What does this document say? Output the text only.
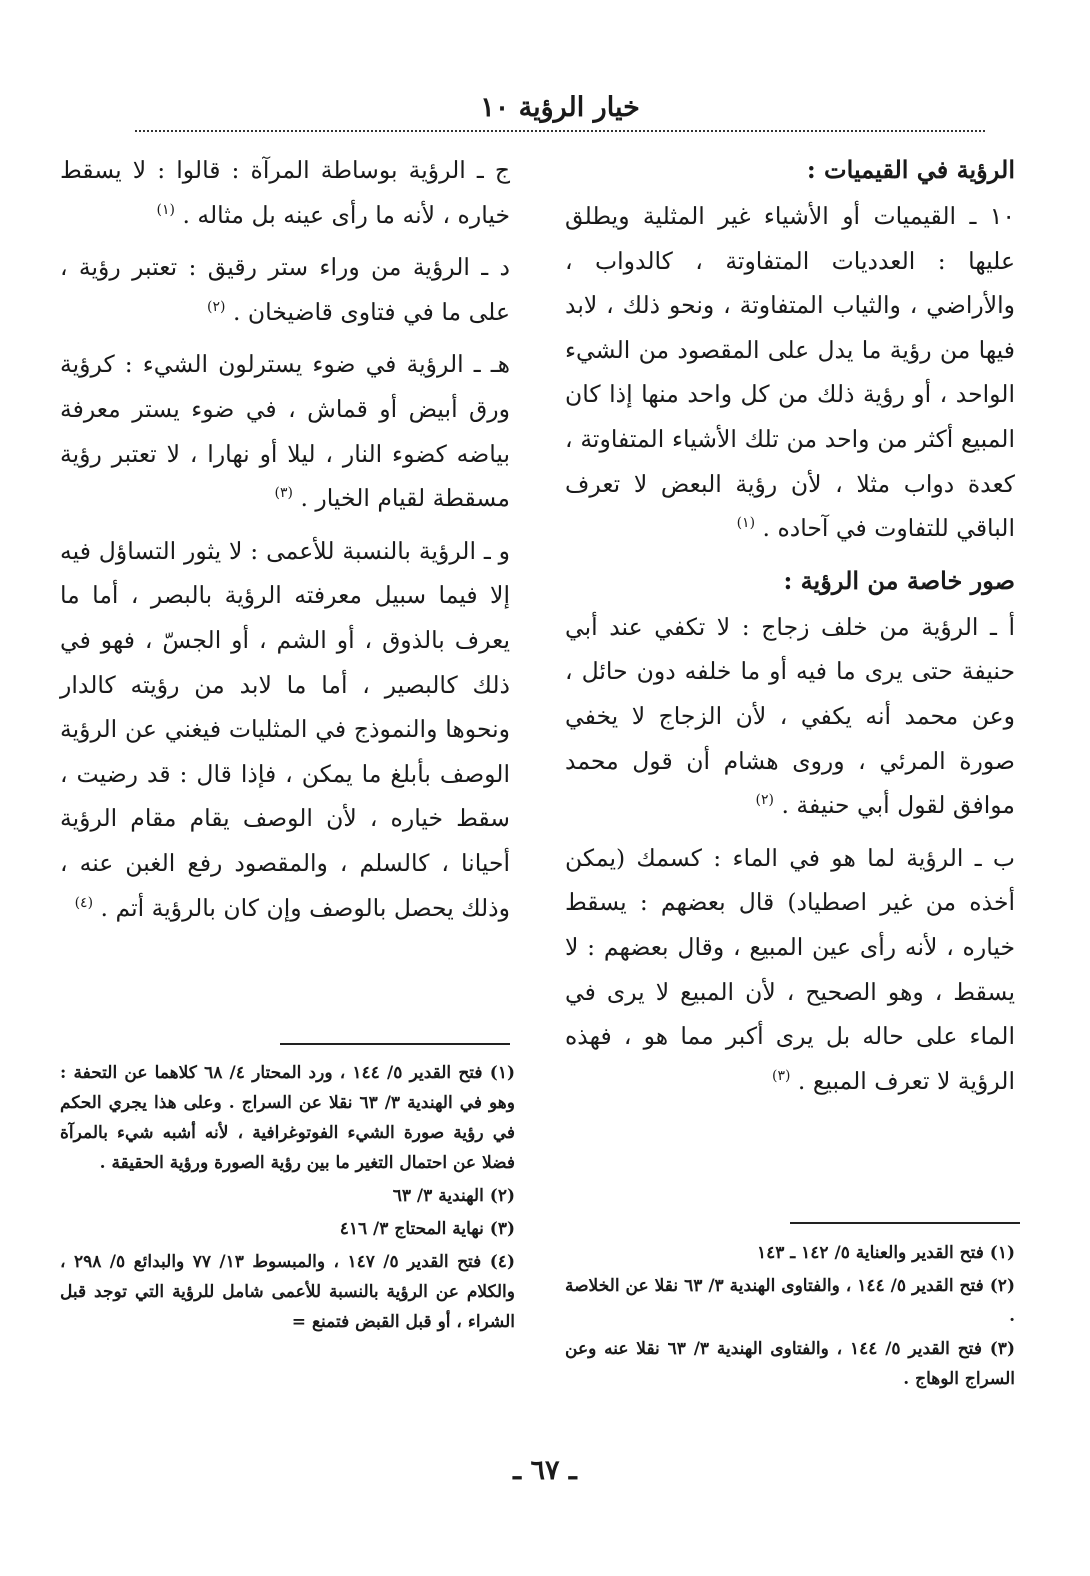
خيار الرؤية ١٠
الرؤية في القيميات :

١٠ ـ القيميات أو الأشياء غير المثلية ويطلق عليها : العدديات المتفاوتة ، كالدواب ، والأراضي ، والثياب المتفاوتة ، ونحو ذلك ، لابد فيها من رؤية ما يدل على المقصود من الشيء الواحد ، أو رؤية ذلك من كل واحد منها إذا كان المبيع أكثر من واحد من تلك الأشياء المتفاوتة ، كعدة دواب مثلا ، لأن رؤية البعض لا تعرف الباقي للتفاوت في آحاده . $^{(١)}$

صور خاصة من الرؤية :

أ ـ الرؤية من خلف زجاج : لا تكفي عند أبي حنيفة حتى يرى ما فيه أو ما خلفه دون حائل ، وعن محمد أنه يكفي ، لأن الزجاج لا يخفي صورة المرئي ، وروى هشام أن قول محمد موافق لقول أبي حنيفة . $^{(٢)}$

ب ـ الرؤية لما هو في الماء : كسمك (يمكن أخذه من غير اصطياد) قال بعضهم : يسقط خياره ، لأنه رأى عين المبيع ، وقال بعضهم : لا يسقط ، وهو الصحيح ، لأن المبيع لا يرى في الماء على حاله بل يرى أكبر مما هو ، فهذه الرؤية لا تعرف المبيع . $^{(٣)}$

ج ـ الرؤية بوساطة المرآة : قالوا : لا يسقط خياره ، لأنه ما رأى عينه بل مثاله . $^{(١)}$

د ـ الرؤية من وراء ستر رقيق : تعتبر رؤية ، على ما في فتاوى قاضيخان . $^{(٢)}$

هـ ـ الرؤية في ضوء يسترلون الشيء : كرؤية ورق أبيض أو قماش ، في ضوء يستر معرفة بياضه كضوء النار ، ليلا أو نهارا ، لا تعتبر رؤية مسقطة لقيام الخيار . $^{(٣)}$

و ـ الرؤية بالنسبة للأعمى : لا يثور التساؤل فيه إلا فيما سبيل معرفته الرؤية بالبصر ، أما ما يعرف بالذوق ، أو الشم ، أو الجسّ ، فهو في ذلك كالبصير ، أما ما لابد من رؤيته كالدار ونحوها والنموذج في المثليات فيغني عن الرؤية الوصف بأبلغ ما يمكن ، فإذا قال : قد رضيت ، سقط خياره ، لأن الوصف يقام مقام الرؤية أحيانا ، كالسلم ، والمقصود رفع الغبن عنه ، وذلك يحصل بالوصف وإن كان بالرؤية أتم . $^{(٤)}$

(١) فتح القدير ٥/ ١٤٤ ، ورد المحتار ٤/ ٦٨ كلاهما عن التحفة : وهو في الهندية ٣/ ٦٣ نقلا عن السراج . وعلى هذا يجري الحكم في رؤية صورة الشيء الفوتوغرافية ، لأنه أشبه شيء بالمرآة فضلا عن احتمال التغير ما بين رؤية الصورة ورؤية الحقيقة .
(٢) الهندية ٣/ ٦٣
(٣) نهاية المحتاج ٣/ ٤١٦
(٤) فتح القدير ٥/ ١٤٧ ، والمبسوط ١٣/ ٧٧ والبدائع ٥/ ٢٩٨ ، والكلام عن الرؤية بالنسبة للأعمى شامل للرؤية التي توجد قبل الشراء ، أو قبل القبض فتمنع =
(١) فتح القدير والعناية ٥/ ١٤٢ ـ ١٤٣
(٢) فتح القدير ٥/ ١٤٤ ، والفتاوى الهندية ٣/ ٦٣ نقلا عن الخلاصة .
(٣) فتح القدير ٥/ ١٤٤ ، والفتاوى الهندية ٣/ ٦٣ نقلا عنه وعن السراج الوهاج .
ـ ٦٧ ـ
